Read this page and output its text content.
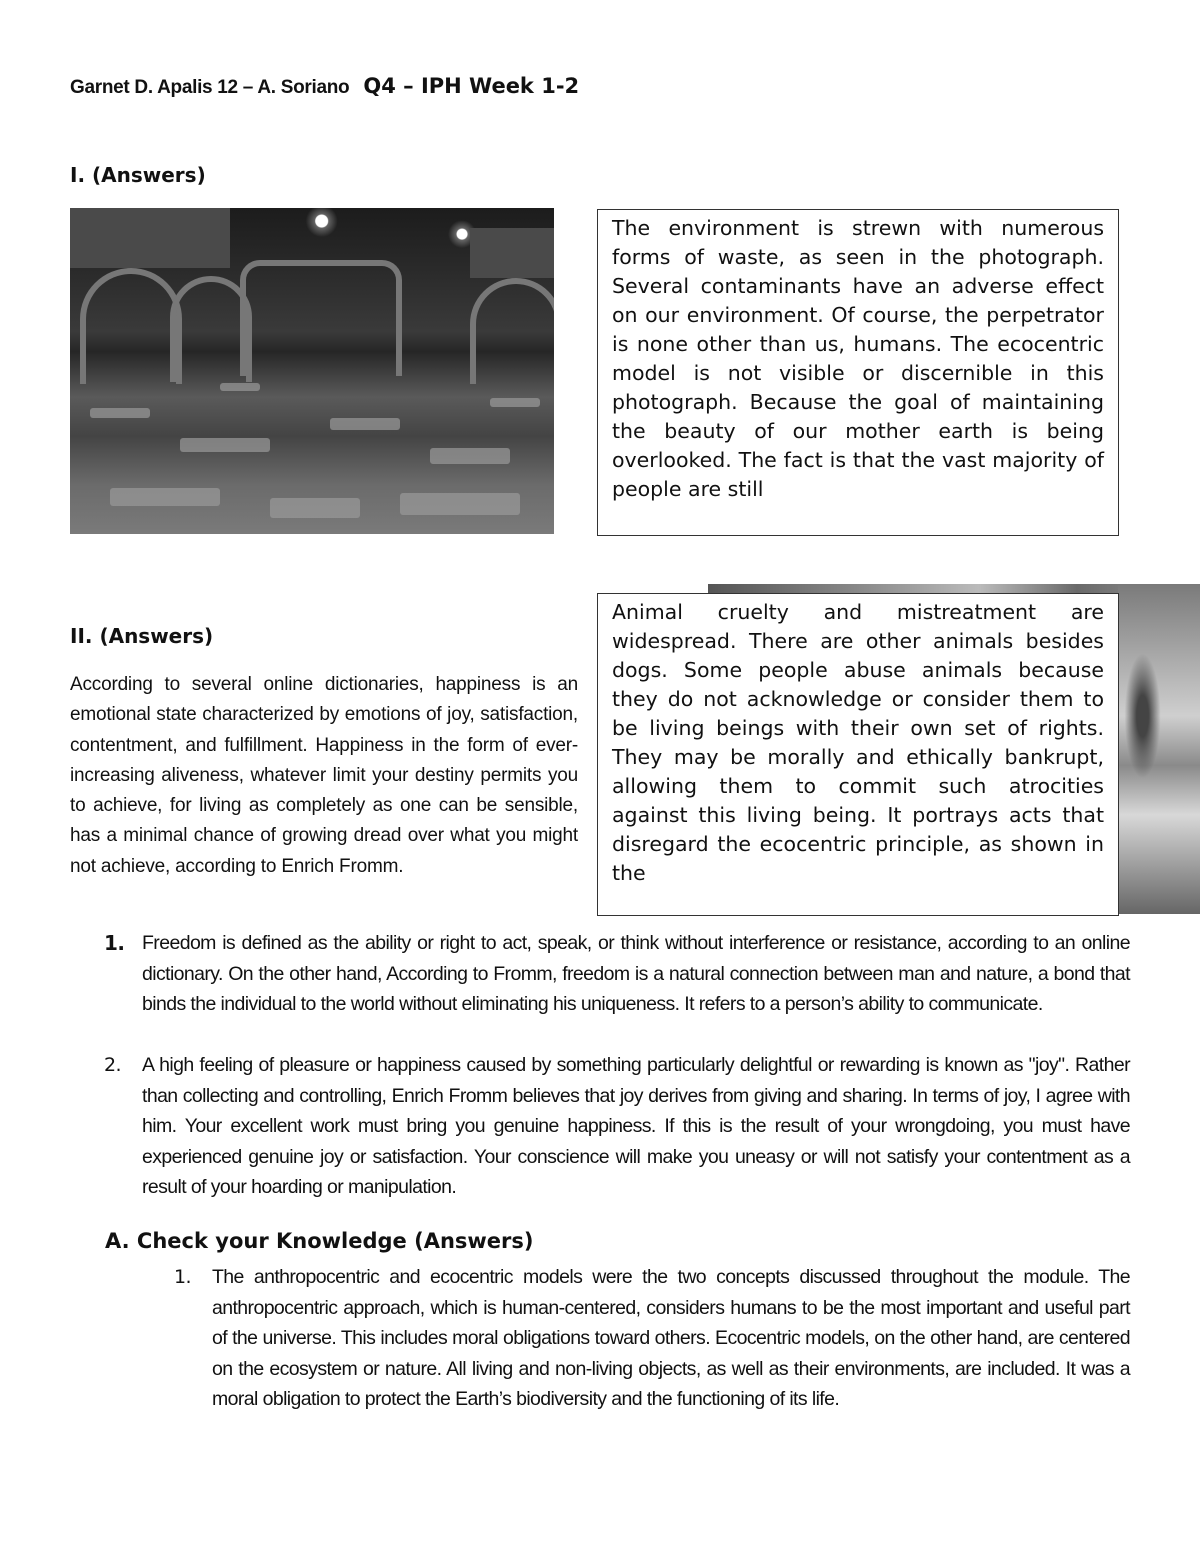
Garnet D. Apalis 12 – A. Soriano Q4 – IPH Week 1-2
I. (Answers)
The environment is strewn with numerous forms of waste, as seen in the photograph. Several contaminants have an adverse effect on our environment. Of course, the perpetrator is none other than us, humans. The ecocentric model is not visible or discernible in this photograph. Because the goal of maintaining the beauty of our mother earth is being overlooked. The fact is that the vast majority of people are still
Animal cruelty and mistreatment are widespread. There are other animals besides dogs. Some people abuse animals because they do not acknowledge or consider them to be living beings with their own set of rights. They may be morally and ethically bankrupt, allowing them to commit such atrocities against this living being. It portrays acts that disregard the ecocentric principle, as shown in the
II. (Answers)
According to several online dictionaries, happiness is an emotional state characterized by emotions of joy, satisfaction, contentment, and fulfillment. Happiness in the form of ever-increasing aliveness, whatever limit your destiny permits you to achieve, for living as completely as one can be sensible, has a minimal chance of growing dread over what you might not achieve, according to Enrich Fromm.
1. Freedom is defined as the ability or right to act, speak, or think without interference or resistance, according to an online dictionary. On the other hand, According to Fromm, freedom is a natural connection between man and nature, a bond that binds the individual to the world without eliminating his uniqueness. It refers to a person’s ability to communicate.
2. A high feeling of pleasure or happiness caused by something particularly delightful or rewarding is known as "joy". Rather than collecting and controlling, Enrich Fromm believes that joy derives from giving and sharing. In terms of joy, I agree with him. Your excellent work must bring you genuine happiness. If this is the result of your wrongdoing, you must have experienced genuine joy or satisfaction. Your conscience will make you uneasy or will not satisfy your contentment as a result of your hoarding or manipulation.
A. Check your Knowledge (Answers)
1. The anthropocentric and ecocentric models were the two concepts discussed throughout the module. The anthropocentric approach, which is human-centered, considers humans to be the most important and useful part of the universe. This includes moral obligations toward others. Ecocentric models, on the other hand, are centered on the ecosystem or nature. All living and non-living objects, as well as their environments, are included. It was a moral obligation to protect the Earth’s biodiversity and the functioning of its life.
